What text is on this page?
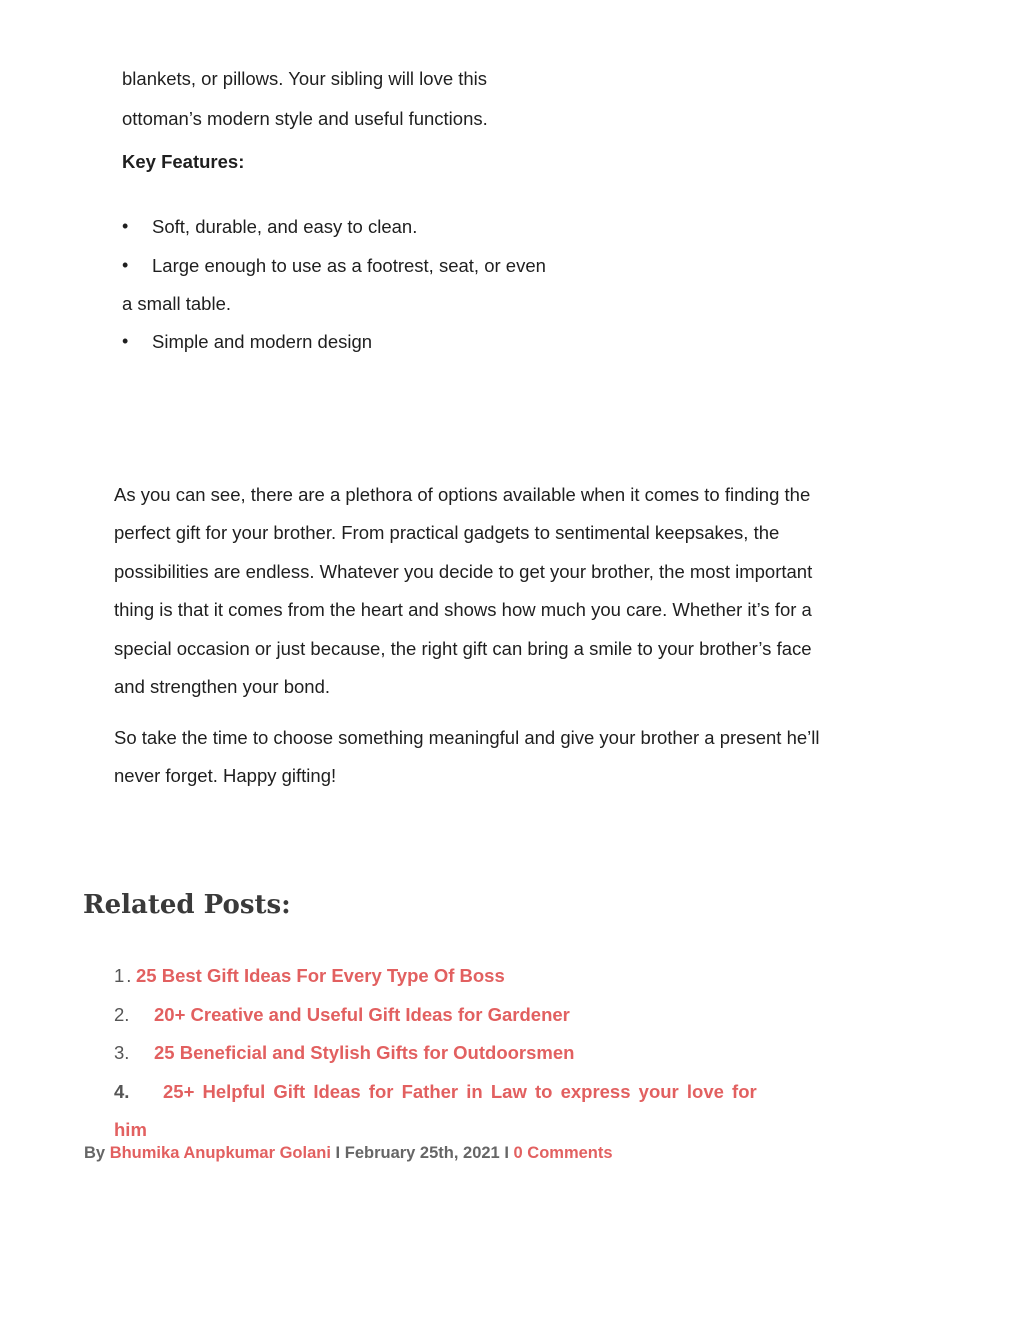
blankets, or pillows. Your sibling will love this
ottoman’s modern style and useful functions.
Key Features:
• Soft, durable, and easy to clean.
• Large enough to use as a footrest, seat, or even
a small table.
• Simple and modern design
As you can see, there are a plethora of options available when it comes to finding the
perfect gift for your brother. From practical gadgets to sentimental keepsakes, the
possibilities are endless. Whatever you decide to get your brother, the most important
thing is that it comes from the heart and shows how much you care. Whether it’s for a
special occasion or just because, the right gift can bring a smile to your brother’s face
and strengthen your bond.
So take the time to choose something meaningful and give your brother a present he’ll
never forget. Happy gifting!
Related Posts:
1. 25 Best Gift Ideas For Every Type Of Boss
2. 20+ Creative and Useful Gift Ideas for Gardener
3. 25 Beneficial and Stylish Gifts for Outdoorsmen
4. 25+ Helpful Gift Ideas for Father in Law to express your love for
him
By Bhumika Anupkumar Golani I February 25th, 2021 I 0 Comments
